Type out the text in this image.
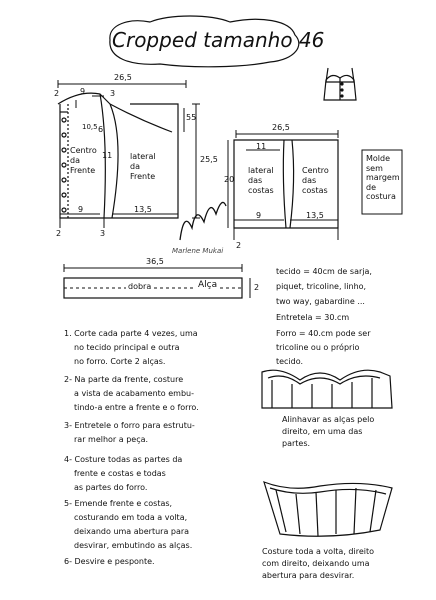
Cropped tamanho 46
26,5
2	9	3
10,5 6
11
55
25,5
Centro
da
Frente
lateral
da
Frente
9	13,5
3
2
Marlene Mukai
26,5
11
20
lateral
das
costas
Centro
das
costas
9	13,5
2
Molde
sem
margem
de
costura
36,5
dobra	Alça	2
tecido = 40cm de sarja,
piquet, tricoline, linho,
two way, gabardine ...
Entretela = 30.cm
Forro = 40.cm pode ser
tricoline ou o próprio
tecido.
1. Corte cada parte 4 vezes, uma
no tecido principal e outra
no forro. Corte 2 alças.
2- Na parte da frente, costure
a vista de acabamento embu-
tindo-a entre a frente e o forro.
3- Entretele o forro para estrutu-
rar melhor a peça.
4- Costure todas as partes da
frente e costas e todas
as partes do forro.
5- Emende frente e costas,
costurando em toda a volta,
deixando uma abertura para
desvirar, embutindo as alças.
6- Desvire e pesponte.
Alinhavar as alças pelo
direito, em uma das
partes.
Costure toda a volta, direito
com direito, deixando uma
abertura para desvirar.
